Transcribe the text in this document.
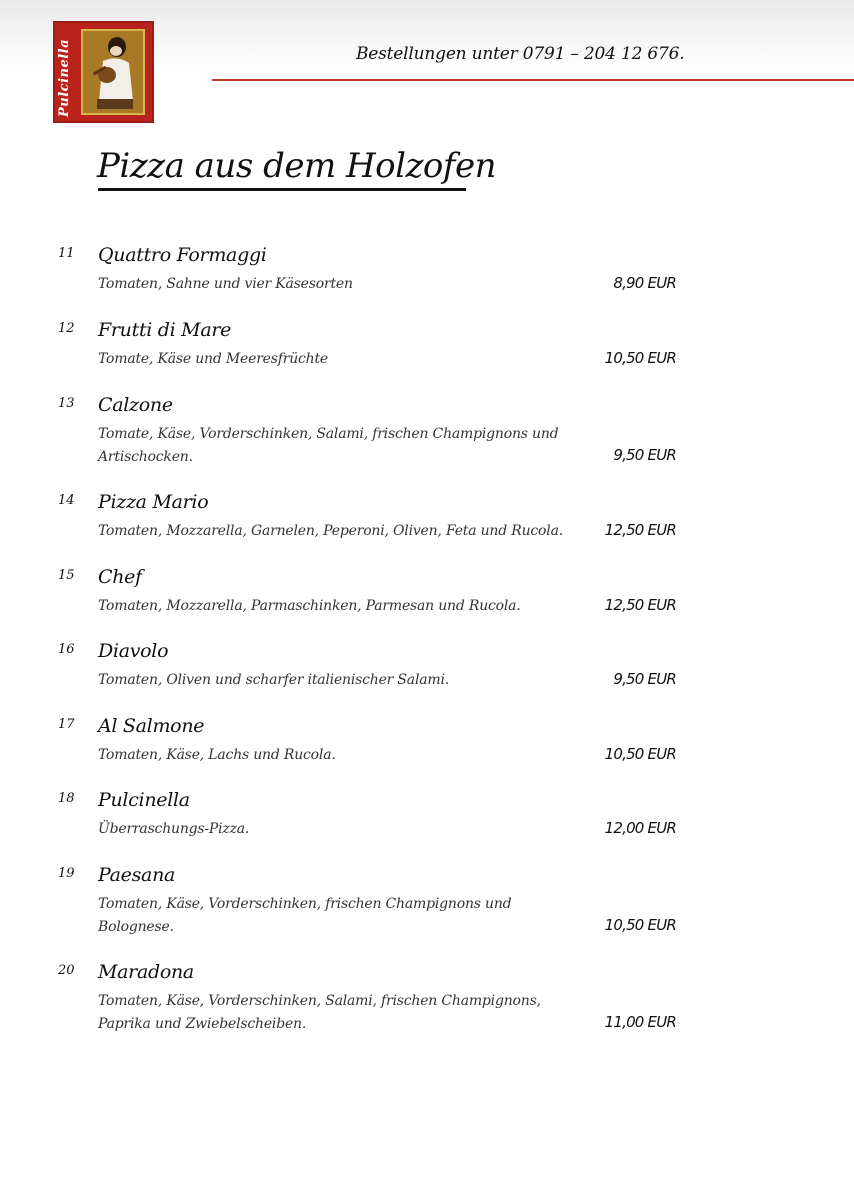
Pulcinella	Bestellungen unter 0791 – 204 12 676.
Pizza aus dem Holzofen
11 Quattro Formaggi
Tomaten, Sahne und vier Käsesorten	8,90 EUR
12 Frutti di Mare
Tomate, Käse und Meeresfrüchte	10,50 EUR
13 Calzone
Tomate, Käse, Vorderschinken, Salami, frischen Champignons und Artischocken.	9,50 EUR
14 Pizza Mario
Tomaten, Mozzarella, Garnelen, Peperoni, Oliven, Feta und Rucola.	12,50 EUR
15 Chef
Tomaten, Mozzarella, Parmaschinken, Parmesan und Rucola.	12,50 EUR
16 Diavolo
Tomaten, Oliven und scharfer italienischer Salami.	9,50 EUR
17 Al Salmone
Tomaten, Käse, Lachs und Rucola.	10,50 EUR
18 Pulcinella
Überraschungs-Pizza.	12,00 EUR
19 Paesana
Tomaten, Käse, Vorderschinken, frischen Champignons und Bolognese.	10,50 EUR
20 Maradona
Tomaten, Käse, Vorderschinken, Salami, frischen Champignons, Paprika und Zwiebelscheiben.	11,00 EUR
